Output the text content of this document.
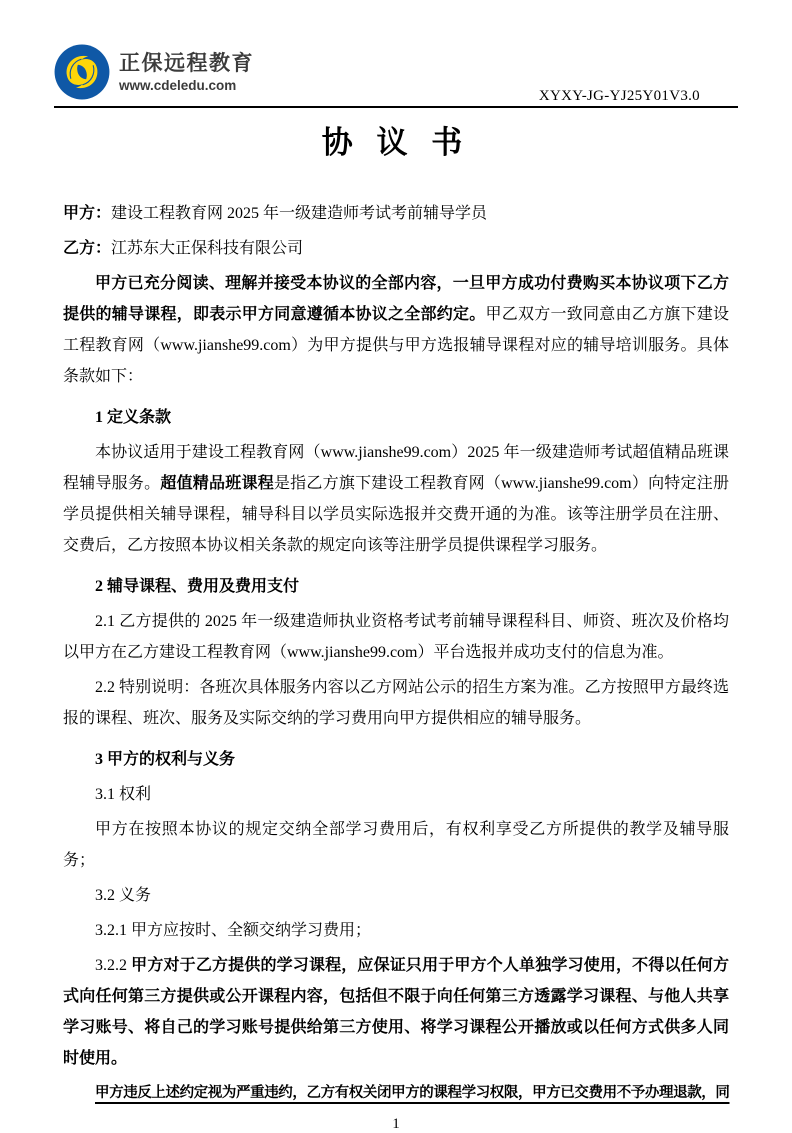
正保远程教育
www.cdeledu.com
XYXY-JG-YJ25Y01V3.0
协 议 书

甲方：建设工程教育网 2025 年一级建造师考试考前辅导学员

乙方：江苏东大正保科技有限公司

甲方已充分阅读、理解并接受本协议的全部内容，一旦甲方成功付费购买本协议项下乙方提供的辅导课程，即表示甲方同意遵循本协议之全部约定。甲乙双方一致同意由乙方旗下建设工程教育网（www.jianshe99.com）为甲方提供与甲方选报辅导课程对应的辅导培训服务。具体条款如下：

1 定义条款

本协议适用于建设工程教育网（www.jianshe99.com）2025 年一级建造师考试超值精品班课程辅导服务。超值精品班课程是指乙方旗下建设工程教育网（www.jianshe99.com）向特定注册学员提供相关辅导课程，辅导科目以学员实际选报并交费开通的为准。该等注册学员在注册、交费后，乙方按照本协议相关条款的规定向该等注册学员提供课程学习服务。

2 辅导课程、费用及费用支付

2.1 乙方提供的 2025 年一级建造师执业资格考试考前辅导课程科目、师资、班次及价格均以甲方在乙方建设工程教育网（www.jianshe99.com）平台选报并成功支付的信息为准。

2.2 特别说明：各班次具体服务内容以乙方网站公示的招生方案为准。乙方按照甲方最终选报的课程、班次、服务及实际交纳的学习费用向甲方提供相应的辅导服务。

3 甲方的权利与义务

3.1 权利

甲方在按照本协议的规定交纳全部学习费用后，有权利享受乙方所提供的教学及辅导服务；

3.2 义务

3.2.1 甲方应按时、全额交纳学习费用；

3.2.2 甲方对于乙方提供的学习课程，应保证只用于甲方个人单独学习使用，不得以任何方式向任何第三方提供或公开课程内容，包括但不限于向任何第三方透露学习课程、与他人共享学习账号、将自己的学习账号提供给第三方使用、将学习课程公开播放或以任何方式供多人同时使用。

甲方违反上述约定视为严重违约，乙方有权关闭甲方的课程学习权限，甲方已交费用不予办理退款，同

1
